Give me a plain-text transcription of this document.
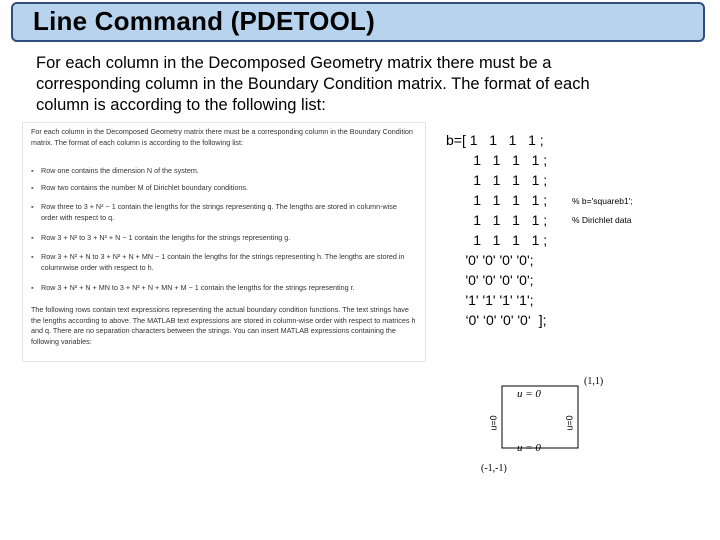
Line Command (PDETOOL)
For each column in the Decomposed Geometry matrix there must be a corresponding column in the Boundary Condition matrix. The format of each column is according to the following list:
For each column in the Decomposed Geometry matrix there must be a corresponding column in the Boundary Condition matrix. The format of each column is according to the following list:
▪ Row one contains the dimension N of the system.
▪ Row two contains the number M of Dirichlet boundary conditions.
▪ Row three to 3 + N² − 1 contain the lengths for the strings representing q. The lengths are stored in column-wise order with respect to q.
▪ Row 3 + N² to 3 + N² + N − 1 contain the lengths for the strings representing g.
▪ Row 3 + N² + N to 3 + N² + N + MN − 1 contain the lengths for the strings representing h. The lengths are stored in columnwise order with respect to h.
▪ Row 3 + N² + N + MN to 3 + N² + N + MN + M − 1 contain the lengths for the strings representing r.
The following rows contain text expressions representing the actual boundary condition functions. The text strings have the lengths according to above. The MATLAB text expressions are stored in column-wise order with respect to matrices h and q. There are no separation characters between the strings. You can insert MATLAB expressions containing the following variables:
b=[ 1   1   1   1 ;
1   1   1   1 ;
1   1   1   1 ;
1   1   1   1 ;
1   1   1   1 ;
1   1   1   1 ;
'0' '0' '0' '0';
'0' '0' '0' '0';
'1' '1' '1' '1';
‘0' ‘0' '0' '0‘  ];
% b='squareb1';
% Dirichlet data
(1,1)
(-1,-1)
u = 0
u = 0
u=0	u=0
